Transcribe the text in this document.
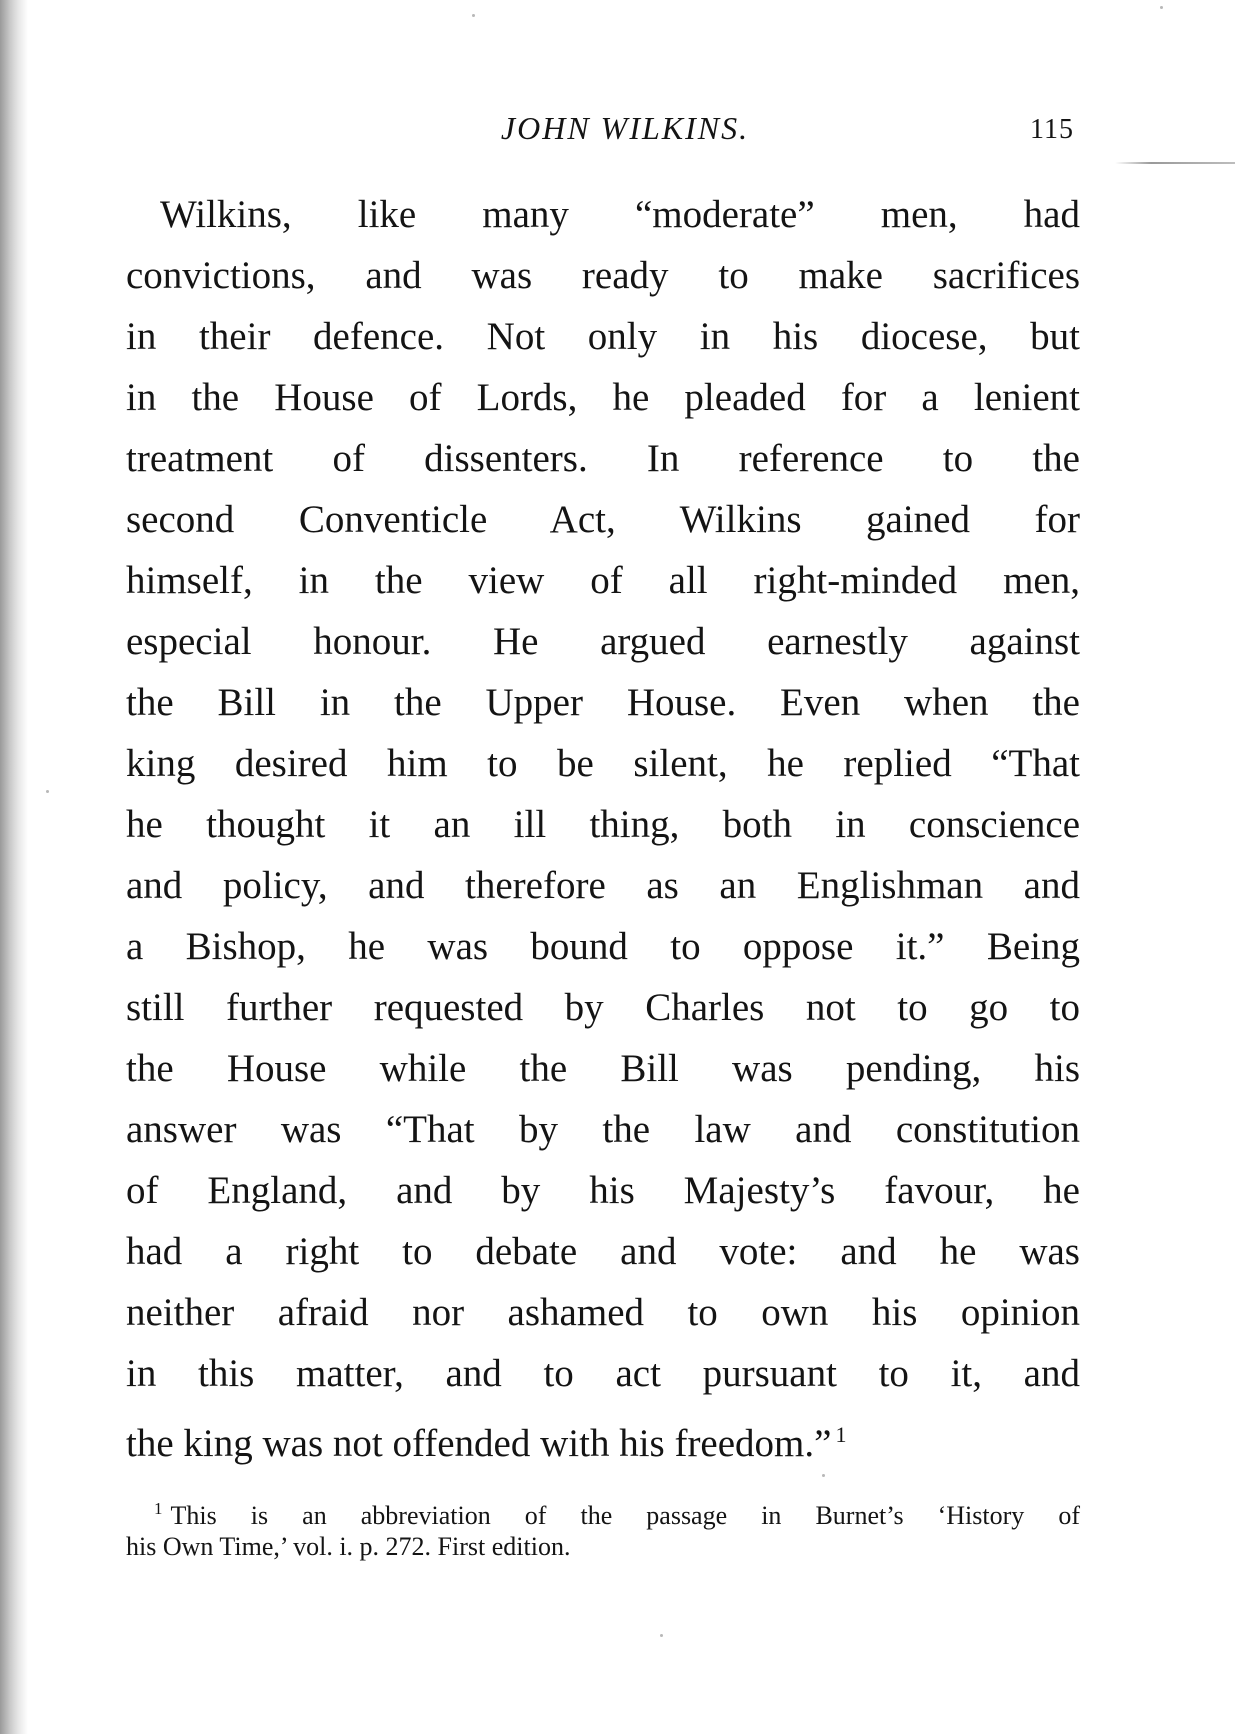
JOHN WILKINS.	115
Wilkins, like many “moderate” men, had
convictions, and was ready to make sacrifices
in their defence. Not only in his diocese, but
in the House of Lords, he pleaded for a lenient
treatment of dissenters. In reference to the
second Conventicle Act, Wilkins gained for
himself, in the view of all right-minded men,
especial honour. He argued earnestly against
the Bill in the Upper House. Even when the
king desired him to be silent, he replied “That
he thought it an ill thing, both in conscience
and policy, and therefore as an Englishman and
a Bishop, he was bound to oppose it.” Being
still further requested by Charles not to go to
the House while the Bill was pending, his
answer was “That by the law and constitution
of England, and by his Majesty’s favour, he
had a right to debate and vote: and he was
neither afraid nor ashamed to own his opinion
in this matter, and to act pursuant to it, and
the king was not offended with his freedom.” $^1$
$^1$ This is an abbreviation of the passage in Burnet’s ‘History of
his Own Time,’ vol. i. p. 272. First edition.
